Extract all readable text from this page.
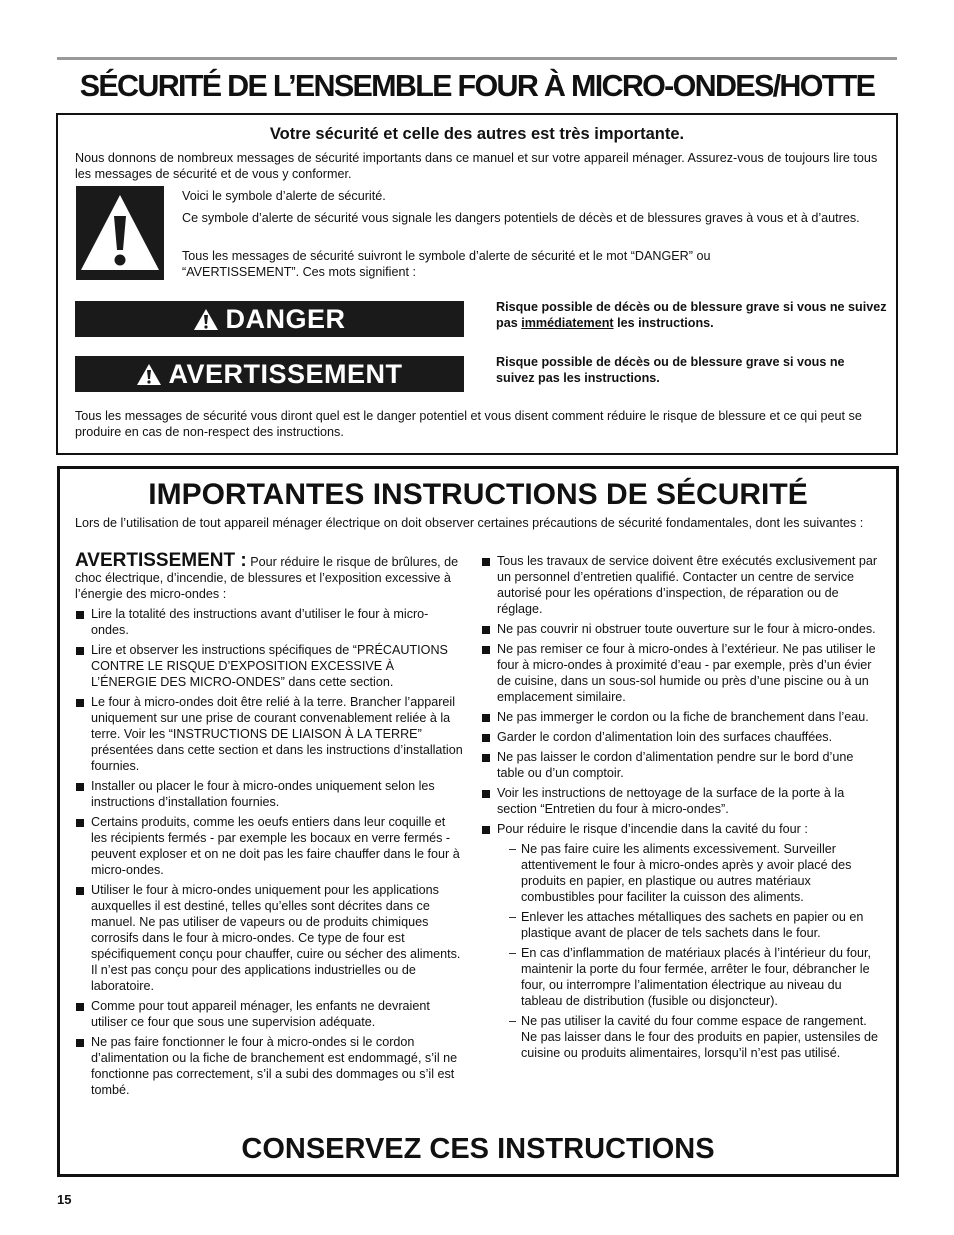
SÉCURITÉ DE L’ENSEMBLE FOUR À MICRO-ONDES/HOTTE

Votre sécurité et celle des autres est très importante.

Nous donnons de nombreux messages de sécurité importants dans ce manuel et sur votre appareil ménager. Assurez-vous de toujours lire tous les messages de sécurité et de vous y conformer.

Voici le symbole d’alerte de sécurité.

Ce symbole d’alerte de sécurité vous signale les dangers potentiels de décès et de blessures graves à vous et à d’autres.

Tous les messages de sécurité suivront le symbole d’alerte de sécurité et le mot “DANGER” ou “AVERTISSEMENT”. Ces mots signifient :

DANGER	Risque possible de décès ou de blessure grave si vous ne suivez pas immédiatement les instructions.

AVERTISSEMENT	Risque possible de décès ou de blessure grave si vous ne suivez pas les instructions.

Tous les messages de sécurité vous diront quel est le danger potentiel et vous disent comment réduire le risque de blessure et ce qui peut se produire en cas de non-respect des instructions.

IMPORTANTES INSTRUCTIONS DE SÉCURITÉ

Lors de l’utilisation de tout appareil ménager électrique on doit observer certaines précautions de sécurité fondamentales, dont les suivantes :

AVERTISSEMENT : Pour réduire le risque de brûlures, de choc électrique, d’incendie, de blessures et l’exposition excessive à l’énergie des micro-ondes :

Lire la totalité des instructions avant d’utiliser le four à micro-ondes.
Lire et observer les instructions spécifiques de “PRÉCAUTIONS CONTRE LE RISQUE D’EXPOSITION EXCESSIVE À L’ÉNERGIE DES MICRO-ONDES” dans cette section.
Le four à micro-ondes doit être relié à la terre. Brancher l’appareil uniquement sur une prise de courant convenablement reliée à la terre. Voir les “INSTRUCTIONS DE LIAISON À LA TERRE” présentées dans cette section et dans les instructions d’installation fournies.
Installer ou placer le four à micro-ondes uniquement selon les instructions d’installation fournies.
Certains produits, comme les oeufs entiers dans leur coquille et les récipients fermés - par exemple les bocaux en verre fermés - peuvent exploser et on ne doit pas les faire chauffer dans le four à micro-ondes.
Utiliser le four à micro-ondes uniquement pour les applications auxquelles il est destiné, telles qu’elles sont décrites dans ce manuel. Ne pas utiliser de vapeurs ou de produits chimiques corrosifs dans le four à micro-ondes. Ce type de four est spécifiquement conçu pour chauffer, cuire ou sécher des aliments. Il n’est pas conçu pour des applications industrielles ou de laboratoire.
Comme pour tout appareil ménager, les enfants ne devraient utiliser ce four que sous une supervision adéquate.
Ne pas faire fonctionner le four à micro-ondes si le cordon d’alimentation ou la fiche de branchement est endommagé, s’il ne fonctionne pas correctement, s’il a subi des dommages ou s’il est tombé.
Tous les travaux de service doivent être exécutés exclusivement par un personnel d’entretien qualifié. Contacter un centre de service autorisé pour les opérations d’inspection, de réparation ou de réglage.
Ne pas couvrir ni obstruer toute ouverture sur le four à micro-ondes.
Ne pas remiser ce four à micro-ondes à l’extérieur. Ne pas utiliser le four à micro-ondes à proximité d’eau - par exemple, près d’un évier de cuisine, dans un sous-sol humide ou près d’une piscine ou à un emplacement similaire.
Ne pas immerger le cordon ou la fiche de branchement dans l’eau.
Garder le cordon d’alimentation loin des surfaces chauffées.
Ne pas laisser le cordon d’alimentation pendre sur le bord d’une table ou d’un comptoir.
Voir les instructions de nettoyage de la surface de la porte à la section “Entretien du four à micro-ondes”.
Pour réduire le risque d’incendie dans la cavité du four :
– Ne pas faire cuire les aliments excessivement. Surveiller attentivement le four à micro-ondes après y avoir placé des produits en papier, en plastique ou autres matériaux combustibles pour faciliter la cuisson des aliments.
– Enlever les attaches métalliques des sachets en papier ou en plastique avant de placer de tels sachets dans le four.
– En cas d’inflammation de matériaux placés à l’intérieur du four, maintenir la porte du four fermée, arrêter le four, débrancher le four, ou interrompre l’alimentation électrique au niveau du tableau de distribution (fusible ou disjoncteur).
– Ne pas utiliser la cavité du four comme espace de rangement. Ne pas laisser dans le four des produits en papier, ustensiles de cuisine ou produits alimentaires, lorsqu’il n’est pas utilisé.

CONSERVEZ CES INSTRUCTIONS

15
